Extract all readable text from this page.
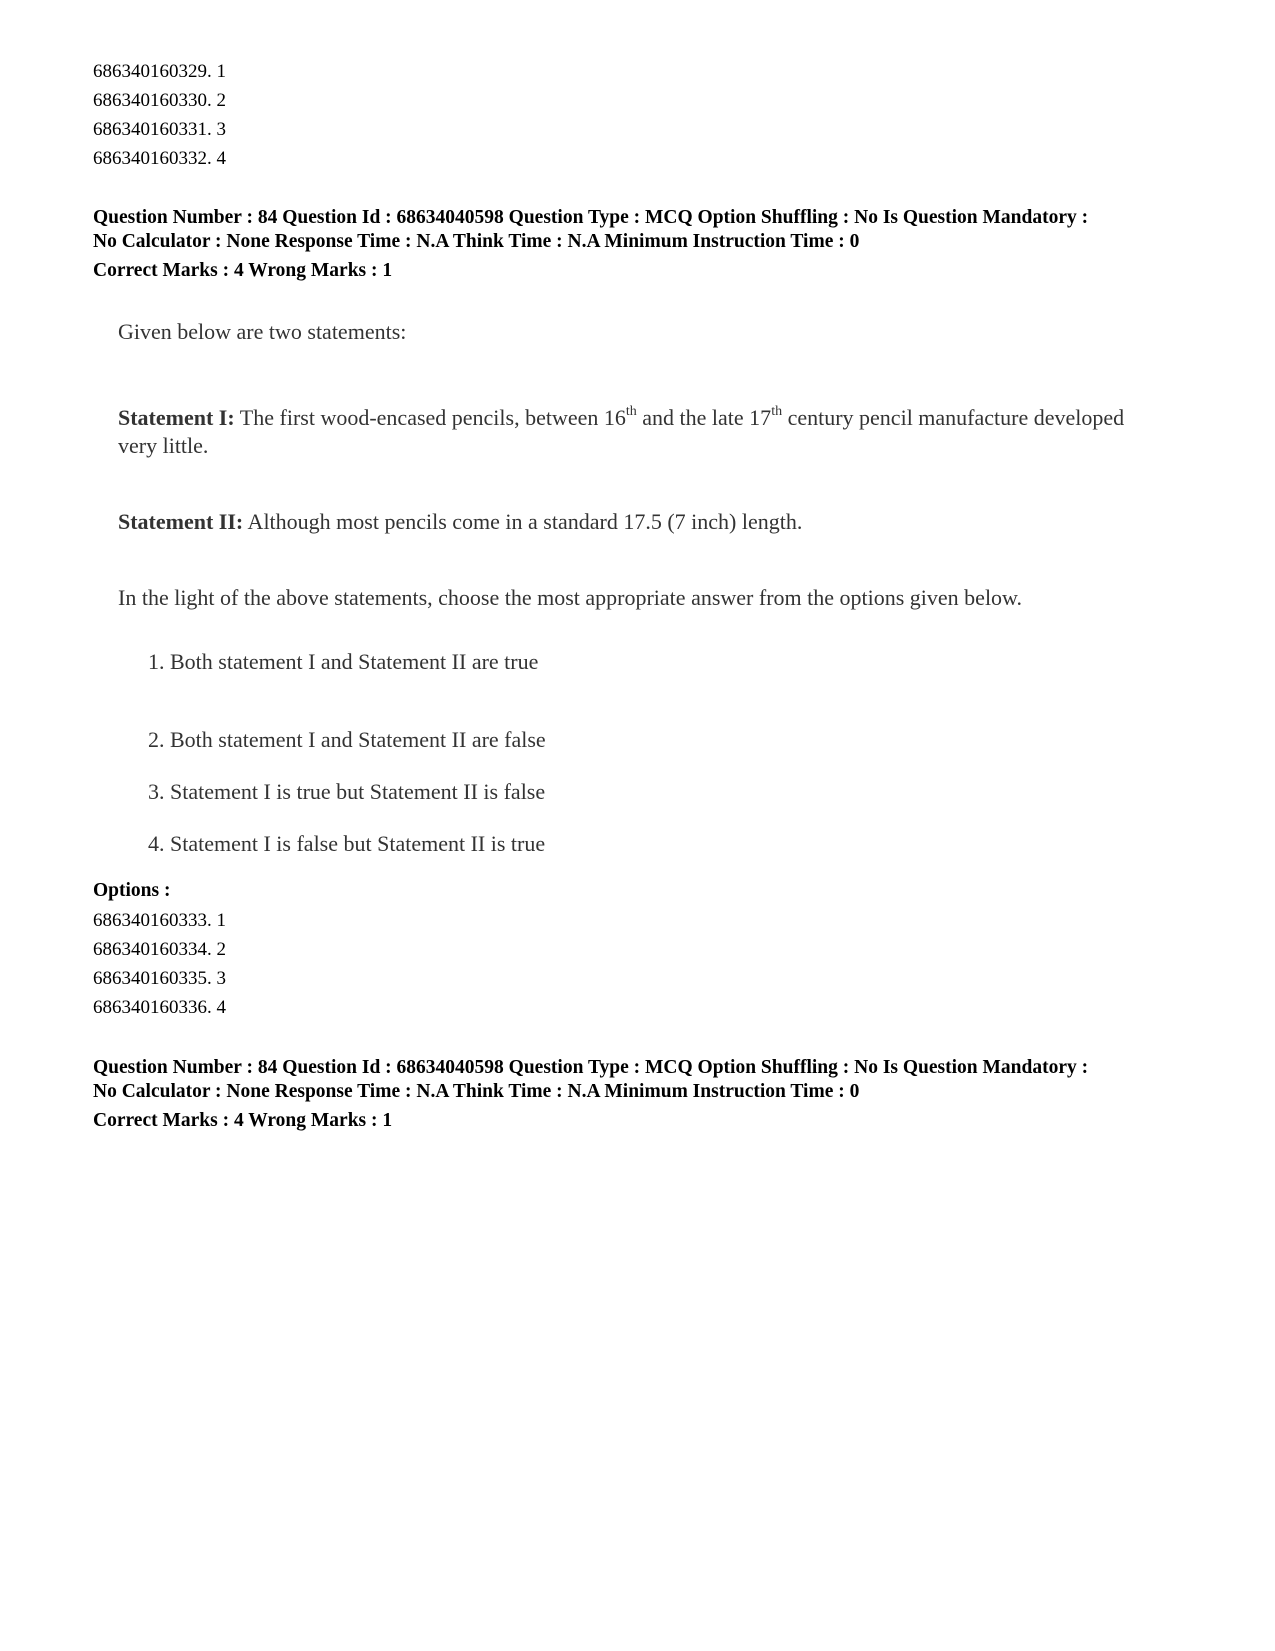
686340160329. 1
686340160330. 2
686340160331. 3
686340160332. 4
Question Number : 84 Question Id : 68634040598 Question Type : MCQ Option Shuffling : No Is Question Mandatory :
No Calculator : None Response Time : N.A Think Time : N.A Minimum Instruction Time : 0
Correct Marks : 4 Wrong Marks : 1

Given below are two statements:

Statement I: The first wood-encased pencils, between 16th and the late 17th century pencil manufacture developed very little.

Statement II: Although most pencils come in a standard 17.5 (7 inch) length.

In the light of the above statements, choose the most appropriate answer from the options given below.

1. Both statement I and Statement II are true
2. Both statement I and Statement II are false
3. Statement I is true but Statement II is false
4. Statement I is false but Statement II is true
Options :
686340160333. 1
686340160334. 2
686340160335. 3
686340160336. 4
Question Number : 84 Question Id : 68634040598 Question Type : MCQ Option Shuffling : No Is Question Mandatory :
No Calculator : None Response Time : N.A Think Time : N.A Minimum Instruction Time : 0
Correct Marks : 4 Wrong Marks : 1
